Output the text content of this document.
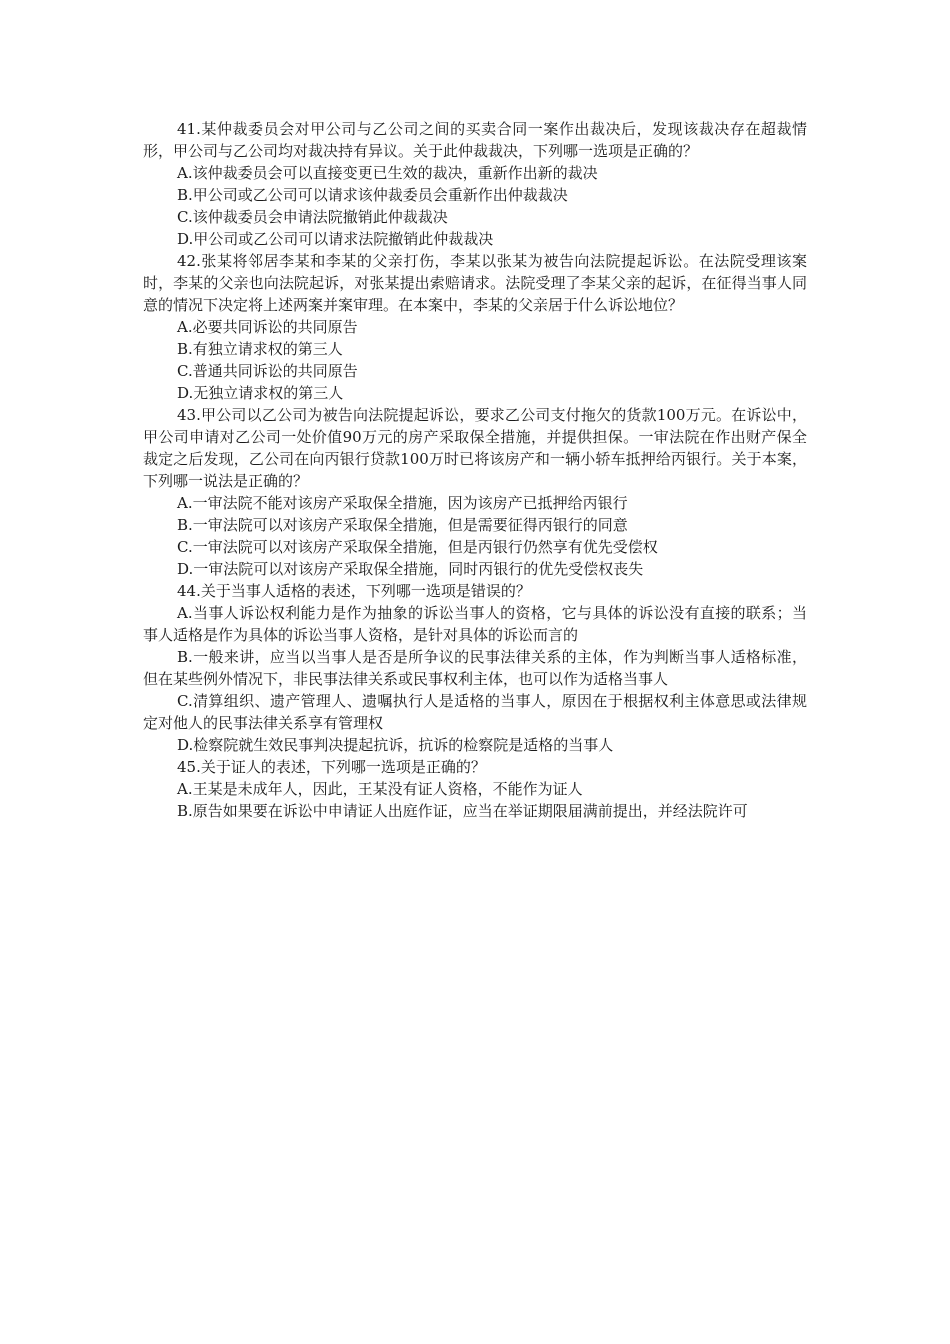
41.某仲裁委员会对甲公司与乙公司之间的买卖合同一案作出裁决后，发现该裁决存在超裁情形，甲公司与乙公司均对裁决持有异议。关于此仲裁裁决，下列哪一选项是正确的？

A.该仲裁委员会可以直接变更已生效的裁决，重新作出新的裁决

B.甲公司或乙公司可以请求该仲裁委员会重新作出仲裁裁决

C.该仲裁委员会申请法院撤销此仲裁裁决

D.甲公司或乙公司可以请求法院撤销此仲裁裁决

42.张某将邻居李某和李某的父亲打伤，李某以张某为被告向法院提起诉讼。在法院受理该案时，李某的父亲也向法院起诉，对张某提出索赔请求。法院受理了李某父亲的起诉，在征得当事人同意的情况下决定将上述两案并案审理。在本案中，李某的父亲居于什么诉讼地位？

A.必要共同诉讼的共同原告

B.有独立请求权的第三人

C.普通共同诉讼的共同原告

D.无独立请求权的第三人

43.甲公司以乙公司为被告向法院提起诉讼，要求乙公司支付拖欠的货款100万元。在诉讼中，甲公司申请对乙公司一处价值90万元的房产采取保全措施，并提供担保。一审法院在作出财产保全裁定之后发现，乙公司在向丙银行贷款100万时已将该房产和一辆小轿车抵押给丙银行。关于本案，下列哪一说法是正确的？

A.一审法院不能对该房产采取保全措施，因为该房产已抵押给丙银行

B.一审法院可以对该房产采取保全措施，但是需要征得丙银行的同意

C.一审法院可以对该房产采取保全措施，但是丙银行仍然享有优先受偿权

D.一审法院可以对该房产采取保全措施，同时丙银行的优先受偿权丧失

44.关于当事人适格的表述，下列哪一选项是错误的？

A.当事人诉讼权利能力是作为抽象的诉讼当事人的资格，它与具体的诉讼没有直接的联系；当事人适格是作为具体的诉讼当事人资格，是针对具体的诉讼而言的

B.一般来讲，应当以当事人是否是所争议的民事法律关系的主体，作为判断当事人适格标准，但在某些例外情况下，非民事法律关系或民事权利主体，也可以作为适格当事人

C.清算组织、遗产管理人、遗嘱执行人是适格的当事人，原因在于根据权利主体意思或法律规定对他人的民事法律关系享有管理权

D.检察院就生效民事判决提起抗诉，抗诉的检察院是适格的当事人

45.关于证人的表述，下列哪一选项是正确的？

A.王某是未成年人，因此，王某没有证人资格，不能作为证人

B.原告如果要在诉讼中申请证人出庭作证，应当在举证期限届满前提出，并经法院许可
